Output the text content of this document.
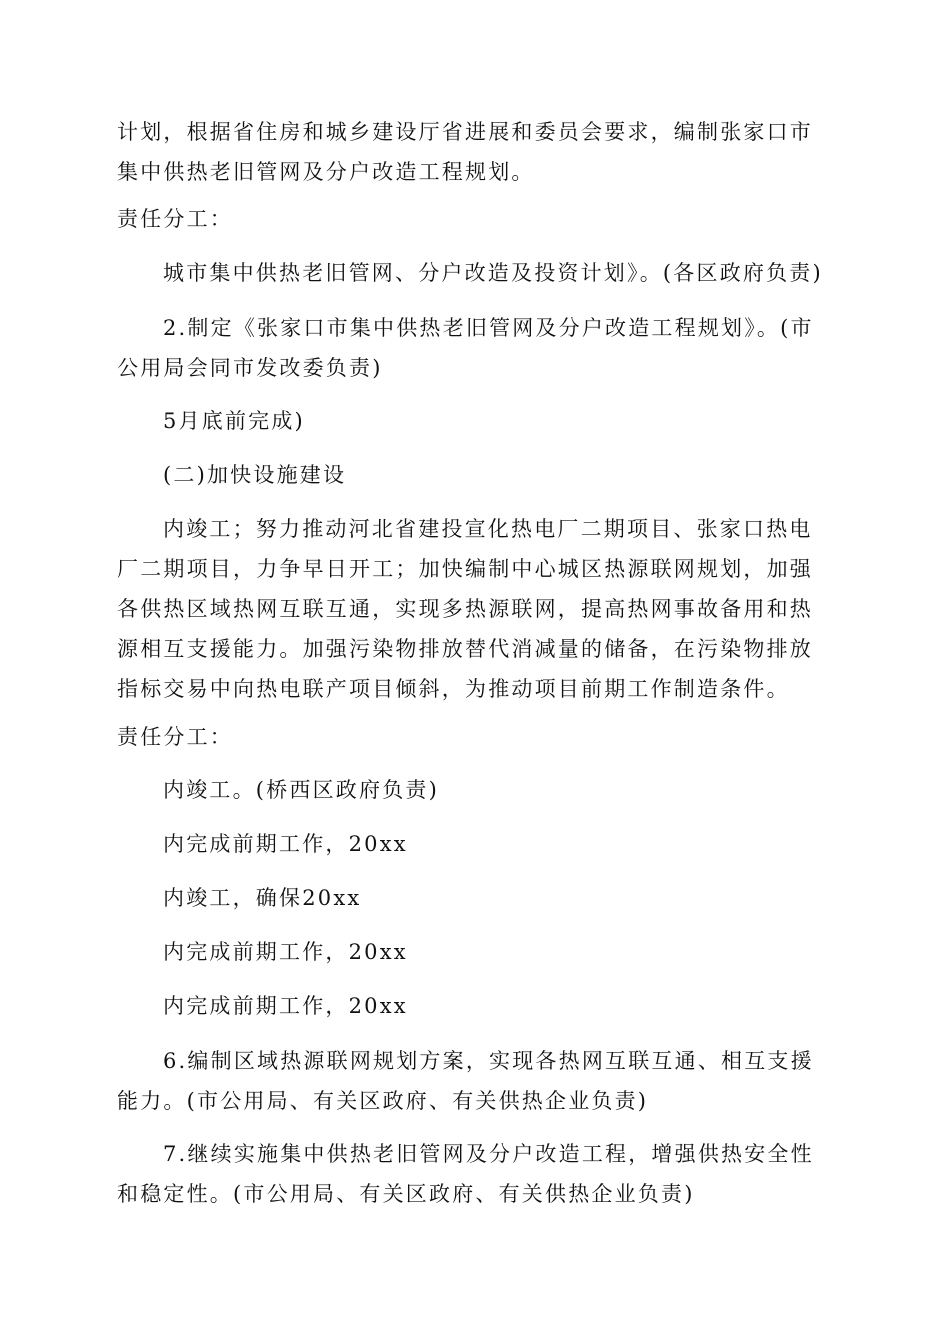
计划，根据省住房和城乡建设厅省进展和委员会要求，编制张家口市集中供热老旧管网及分户改造工程规划。

责任分工：

城市集中供热老旧管网、分户改造及投资计划》。(各区政府负责)

2.制定《张家口市集中供热老旧管网及分户改造工程规划》。(市公用局会同市发改委负责)

5月底前完成)

(二)加快设施建设

内竣工；努力推动河北省建投宣化热电厂二期项目、张家口热电厂二期项目，力争早日开工；加快编制中心城区热源联网规划，加强各供热区域热网互联互通，实现多热源联网，提高热网事故备用和热源相互支援能力。加强污染物排放替代消减量的储备，在污染物排放指标交易中向热电联产项目倾斜，为推动项目前期工作制造条件。

责任分工：

内竣工。(桥西区政府负责)

内完成前期工作，20xx

内竣工，确保20xx

内完成前期工作，20xx

内完成前期工作，20xx

6.编制区域热源联网规划方案，实现各热网互联互通、相互支援能力。(市公用局、有关区政府、有关供热企业负责)

7.继续实施集中供热老旧管网及分户改造工程，增强供热安全性和稳定性。(市公用局、有关区政府、有关供热企业负责)
